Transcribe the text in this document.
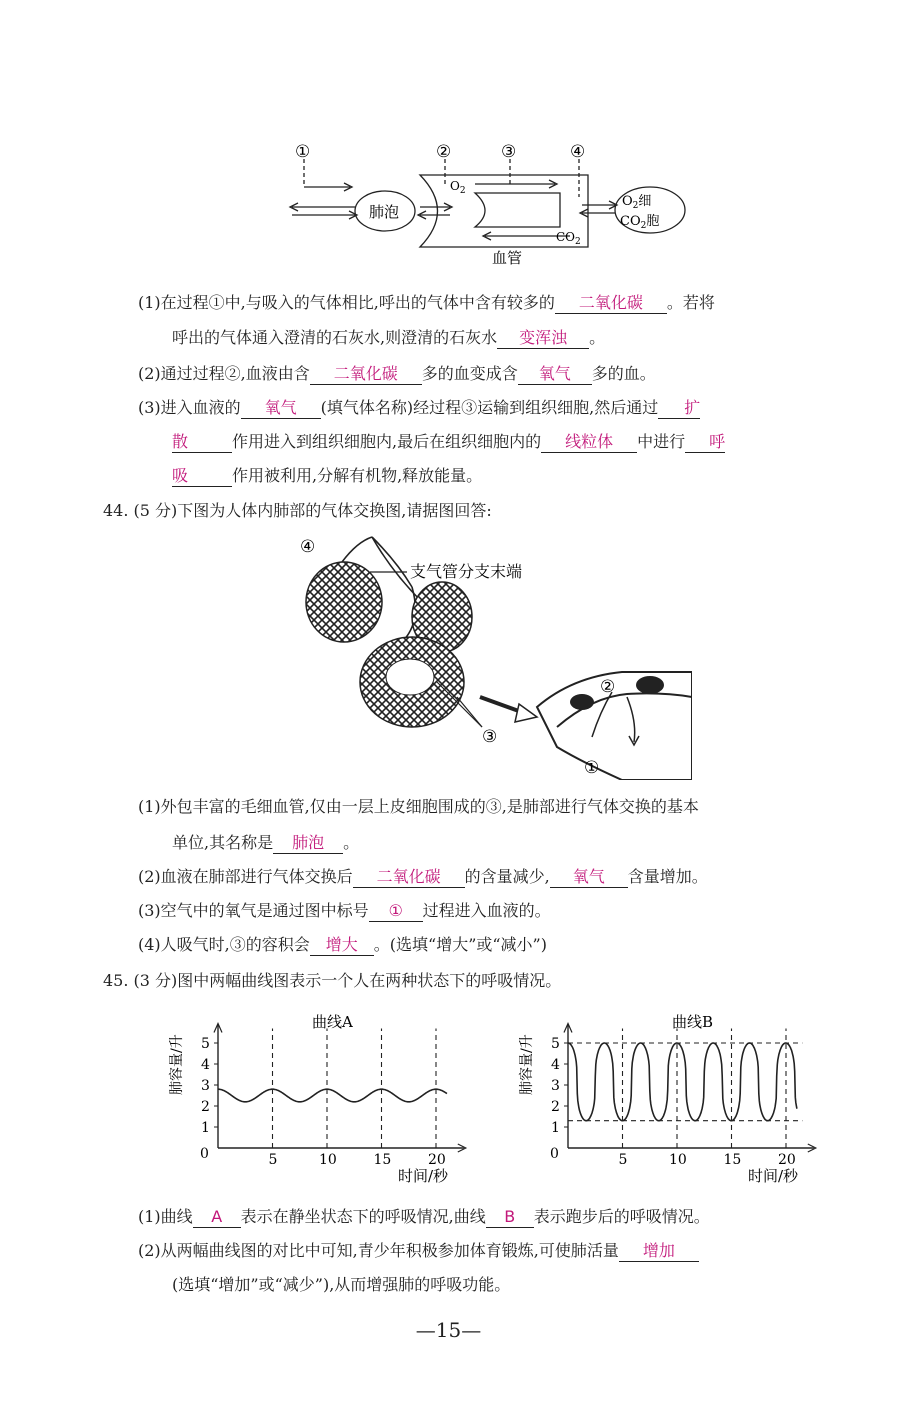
①	②	③	④
肺泡
$O_2$
$CO_2$
血管
$O_2$细
$CO_2$胞
(1)在过程①中,与吸入的气体相比,呼出的气体中含有较多的 二氧化碳 。若将
呼出的气体通入澄清的石灰水,则澄清的石灰水 变浑浊 。
(2)通过过程②,血液由含 二氧化碳 多的血变成含 氧气 多的血。
(3)进入血液的 氧气 (填气体名称)经过程③运输到组织细胞,然后通过 扩
散	作用进入到组织细胞内,最后在组织细胞内的 线粒体 中进行 呼
吸	作用被利用,分解有机物,释放能量。
44. (5 分)下图为人体内肺部的气体交换图,请据图回答:
④
支气管分支末端
③
②
①
(1)外包丰富的毛细血管,仅由一层上皮细胞围成的③,是肺部进行气体交换的基本
单位,其名称是 肺泡 。
(2)血液在肺部进行气体交换后 二氧化碳 的含量减少, 氧气 含量增加。
(3)空气中的氧气是通过图中标号 ① 过程进入血液的。
(4)人吸气时,③的容积会 增大 。(选填“增大”或“减小”)
45. (3 分)图中两幅曲线图表示一个人在两种状态下的呼吸情况。
5	10	15	20
1
2
3
4
5
曲线A
时间/秒
肺容量/升
0	5	10	15	20
1
2
3
4
5
曲线B
时间/秒
肺容量/升
0
(1)曲线 A 表示在静坐状态下的呼吸情况,曲线 B 表示跑步后的呼吸情况。
(2)从两幅曲线图的对比中可知,青少年积极参加体育锻炼,可使肺活量 增加
(选填“增加”或“减少”),从而增强肺的呼吸功能。
—15—
